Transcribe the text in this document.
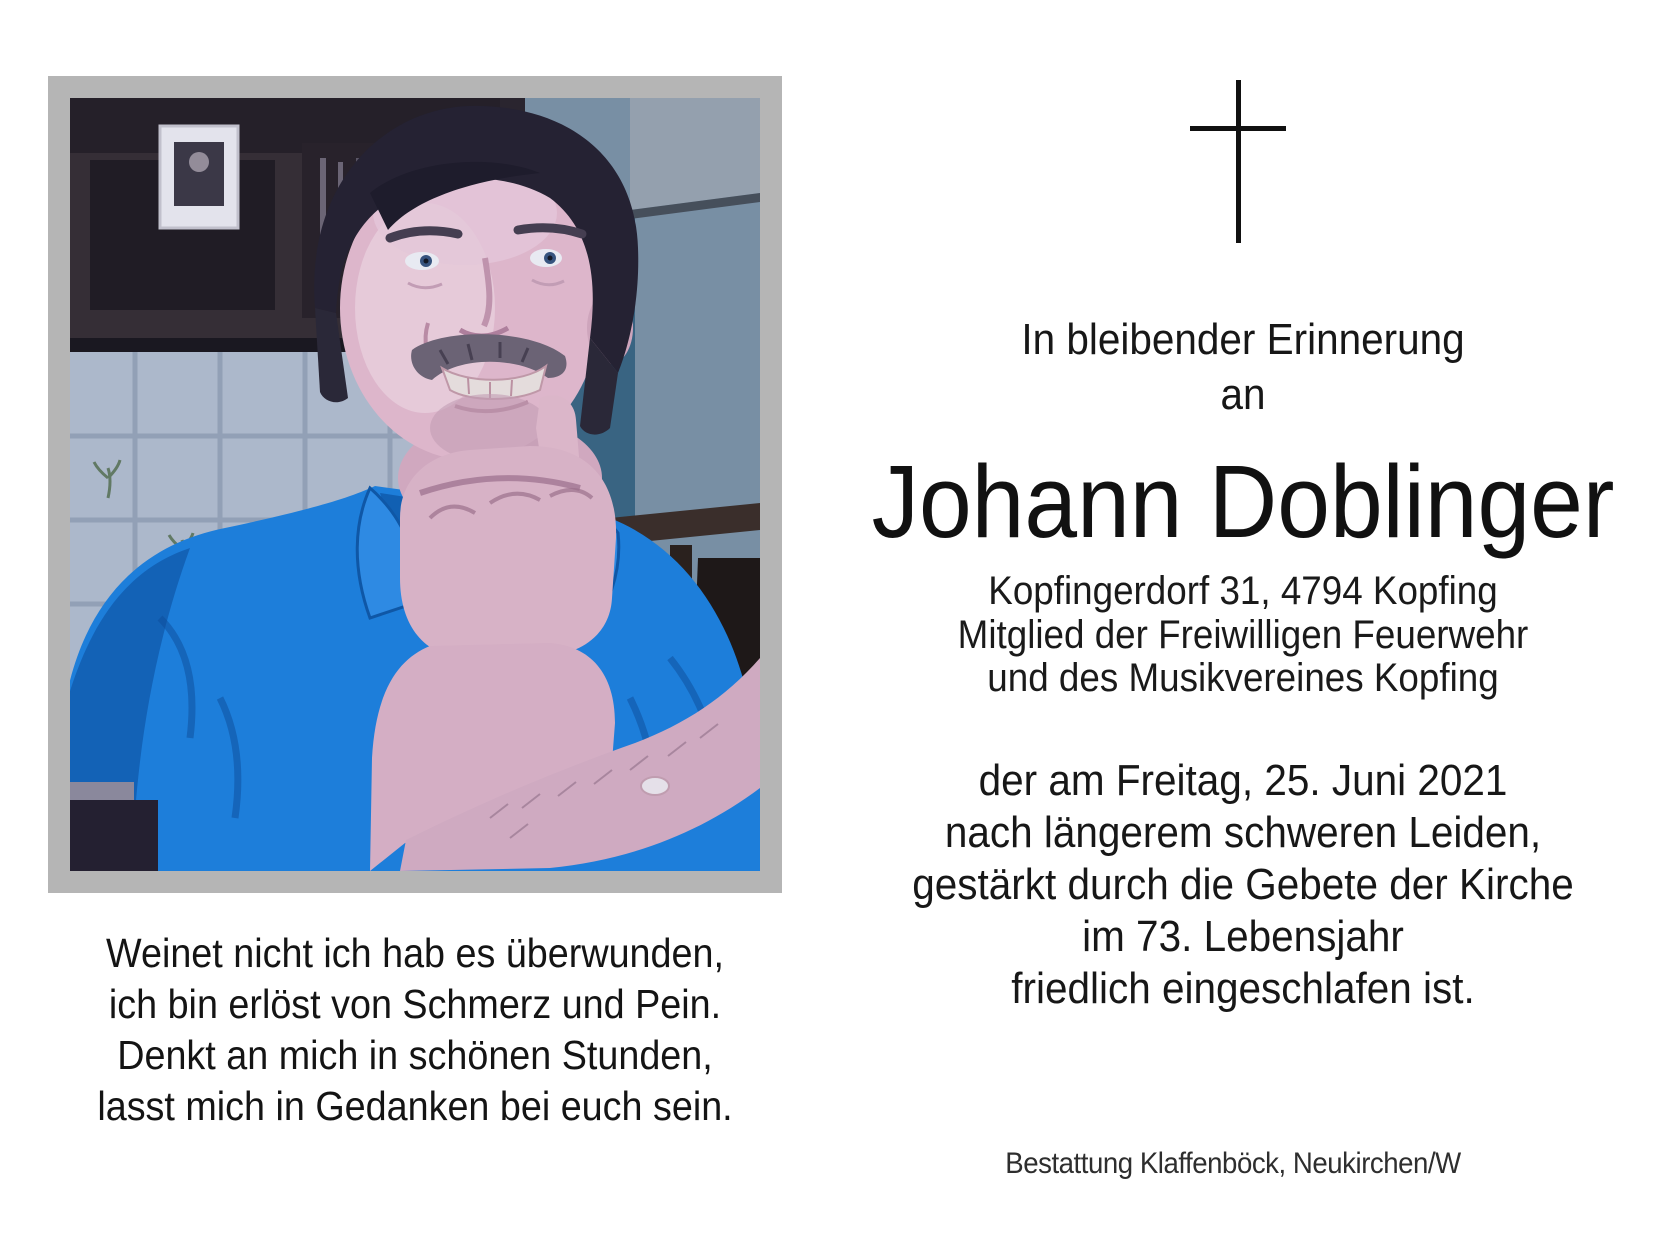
Weinet nicht ich hab es überwunden,
ich bin erlöst von Schmerz und Pein.
Denkt an mich in schönen Stunden,
lasst mich in Gedanken bei euch sein.
In bleibender Erinnerung
an
Johann Doblinger
Kopfingerdorf 31, 4794 Kopfing
Mitglied der Freiwilligen Feuerwehr
und des Musikvereines Kopfing
der am Freitag, 25. Juni 2021
nach längerem schweren Leiden,
gestärkt durch die Gebete der Kirche
im 73. Lebensjahr
friedlich eingeschlafen ist.
Bestattung Klaffenböck, Neukirchen/W
